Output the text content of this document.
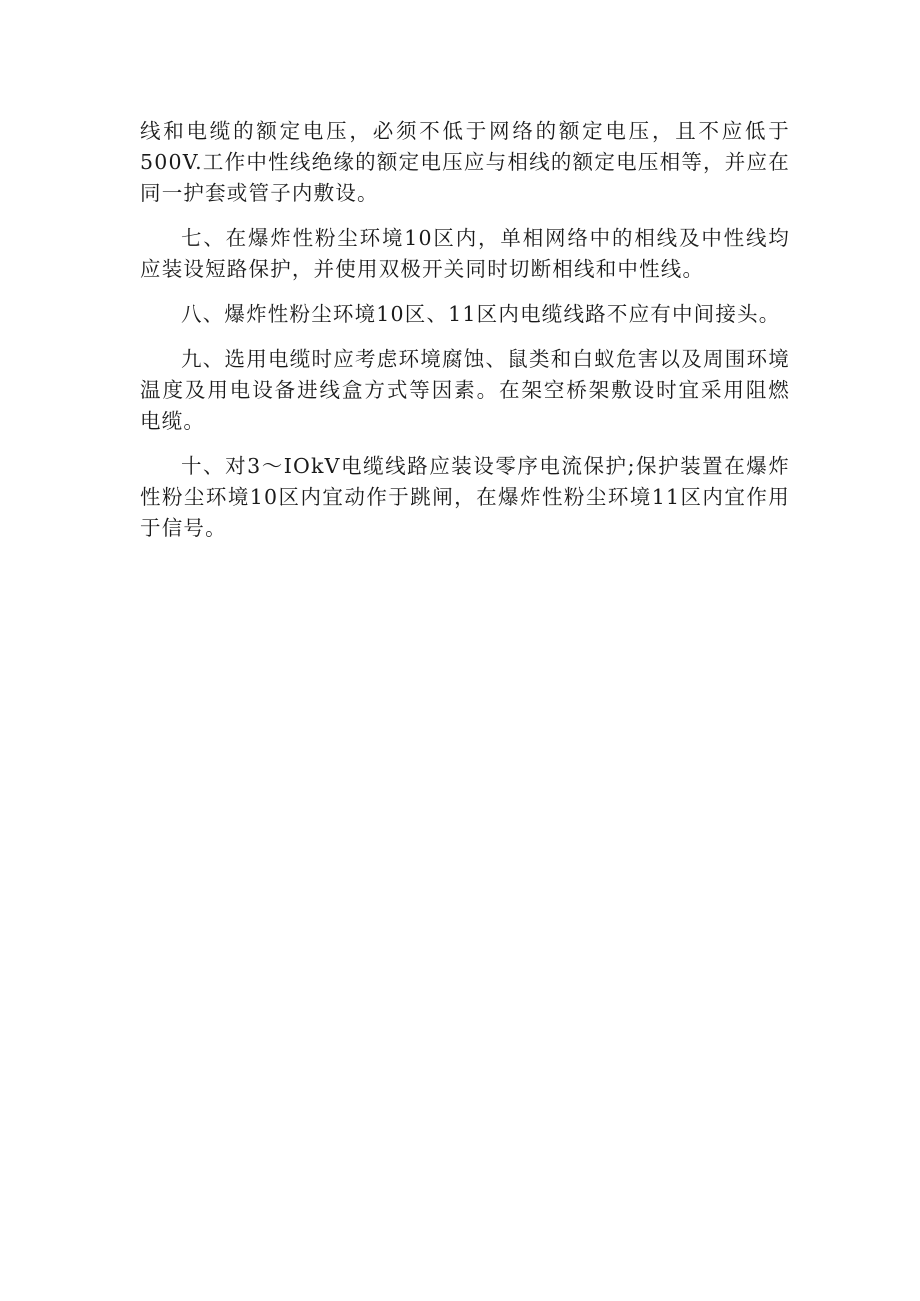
线和电缆的额定电压，必须不低于网络的额定电压，且不应低于500V.工作中性线绝缘的额定电压应与相线的额定电压相等，并应在同一护套或管子内敷设。

七、在爆炸性粉尘环境10区内，单相网络中的相线及中性线均应装设短路保护，并使用双极开关同时切断相线和中性线。

八、爆炸性粉尘环境10区、11区内电缆线路不应有中间接头。

九、选用电缆时应考虑环境腐蚀、鼠类和白蚁危害以及周围环境温度及用电设备进线盒方式等因素。在架空桥架敷设时宜采用阻燃电缆。

十、对3～IOkV电缆线路应装设零序电流保护;保护装置在爆炸性粉尘环境10区内宜动作于跳闸，在爆炸性粉尘环境11区内宜作用于信号。
